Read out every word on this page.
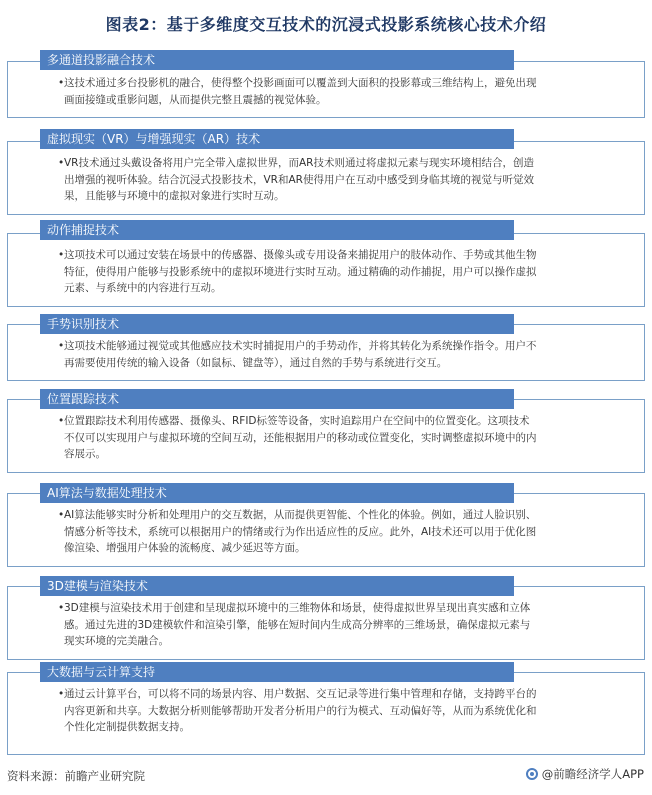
图表2：基于多维度交互技术的沉浸式投影系统核心技术介绍
多通道投影融合技术
• 这技术通过多台投影机的融合，使得整个投影画面可以覆盖到大面积的投影幕或三维结构上，避免出现
画面接缝或重影问题，从而提供完整且震撼的视觉体验。
虚拟现实（VR）与增强现实（AR）技术
• VR技术通过头戴设备将用户完全带入虚拟世界，而AR技术则通过将虚拟元素与现实环境相结合，创造
出增强的视听体验。结合沉浸式投影技术，VR和AR使得用户在互动中感受到身临其境的视觉与听觉效
果，且能够与环境中的虚拟对象进行实时互动。
动作捕捉技术
• 这项技术可以通过安装在场景中的传感器、摄像头或专用设备来捕捉用户的肢体动作、手势或其他生物
特征，使得用户能够与投影系统中的虚拟环境进行实时互动。通过精确的动作捕捉，用户可以操作虚拟
元素、与系统中的内容进行互动。
手势识别技术
• 这项技术能够通过视觉或其他感应技术实时捕捉用户的手势动作，并将其转化为系统操作指令。用户不
再需要使用传统的输入设备（如鼠标、键盘等），通过自然的手势与系统进行交互。
位置跟踪技术
• 位置跟踪技术利用传感器、摄像头、RFID标签等设备，实时追踪用户在空间中的位置变化。这项技术
不仅可以实现用户与虚拟环境的空间互动，还能根据用户的移动或位置变化，实时调整虚拟环境中的内
容展示。
AI算法与数据处理技术
• AI算法能够实时分析和处理用户的交互数据，从而提供更智能、个性化的体验。例如，通过人脸识别、
情感分析等技术，系统可以根据用户的情绪或行为作出适应性的反应。此外，AI技术还可以用于优化图
像渲染、增强用户体验的流畅度、减少延迟等方面。
3D建模与渲染技术
• 3D建模与渲染技术用于创建和呈现虚拟环境中的三维物体和场景，使得虚拟世界呈现出真实感和立体
感。通过先进的3D建模软件和渲染引擎，能够在短时间内生成高分辨率的三维场景，确保虚拟元素与
现实环境的完美融合。
大数据与云计算支持
• 通过云计算平台，可以将不同的场景内容、用户数据、交互记录等进行集中管理和存储，支持跨平台的
内容更新和共享。大数据分析则能够帮助开发者分析用户的行为模式、互动偏好等，从而为系统优化和
个性化定制提供数据支持。
资料来源：前瞻产业研究院	@前瞻经济学人APP
